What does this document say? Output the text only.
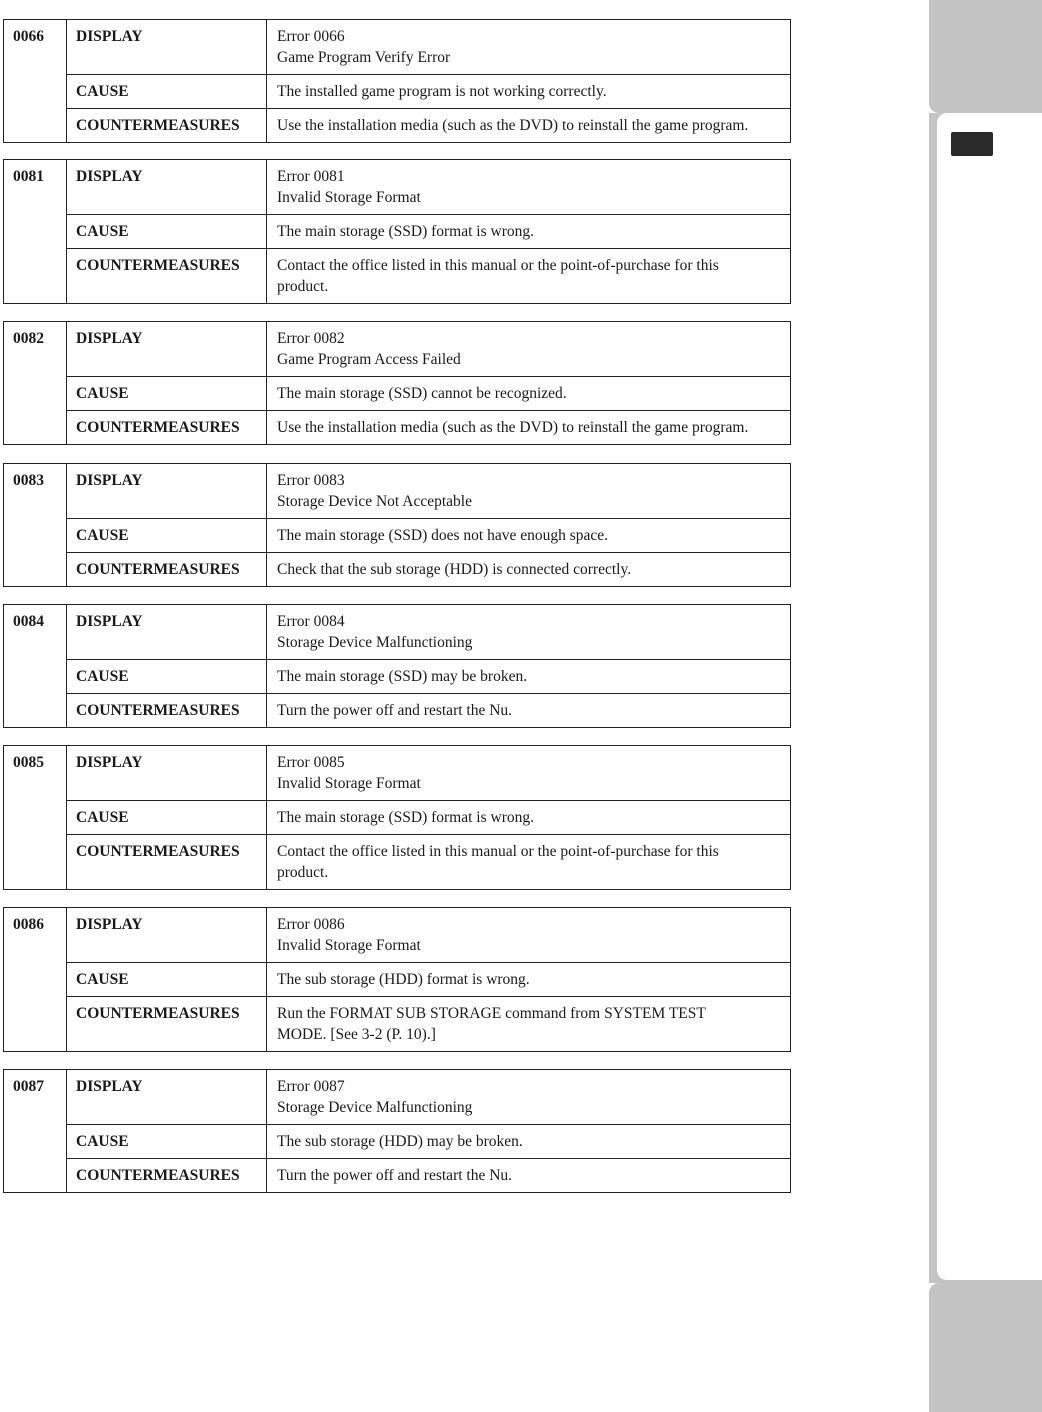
0066	DISPLAY	Error 0066
Game Program Verify Error

	CAUSE	The installed game program is not working correctly.
	COUNTERMEASURES	Use the installation media (such as the DVD) to reinstall the game program.
0081	DISPLAY	Error 0081
Invalid Storage Format

	CAUSE	The main storage (SSD) format is wrong.
	COUNTERMEASURES	Contact the office listed in this manual or the point-of-purchase for this
product.
0082	DISPLAY	Error 0082
Game Program Access Failed

	CAUSE	The main storage (SSD) cannot be recognized.
	COUNTERMEASURES	Use the installation media (such as the DVD) to reinstall the game program.
0083	DISPLAY	Error 0083
Storage Device Not Acceptable

	CAUSE	The main storage (SSD) does not have enough space.
	COUNTERMEASURES	Check that the sub storage (HDD) is connected correctly.
0084	DISPLAY	Error 0084
Storage Device Malfunctioning

	CAUSE	The main storage (SSD) may be broken.
	COUNTERMEASURES	Turn the power off and restart the Nu.
0085	DISPLAY	Error 0085
Invalid Storage Format

	CAUSE	The main storage (SSD) format is wrong.
	COUNTERMEASURES	Contact the office listed in this manual or the point-of-purchase for this
product.
0086	DISPLAY	Error 0086
Invalid Storage Format

	CAUSE	The sub storage (HDD) format is wrong.
	COUNTERMEASURES	Run the FORMAT SUB STORAGE command from SYSTEM TEST
MODE. [See 3-2 (P. 10).]
0087	DISPLAY	Error 0087
Storage Device Malfunctioning

	CAUSE	The sub storage (HDD) may be broken.
	COUNTERMEASURES	Turn the power off and restart the Nu.
